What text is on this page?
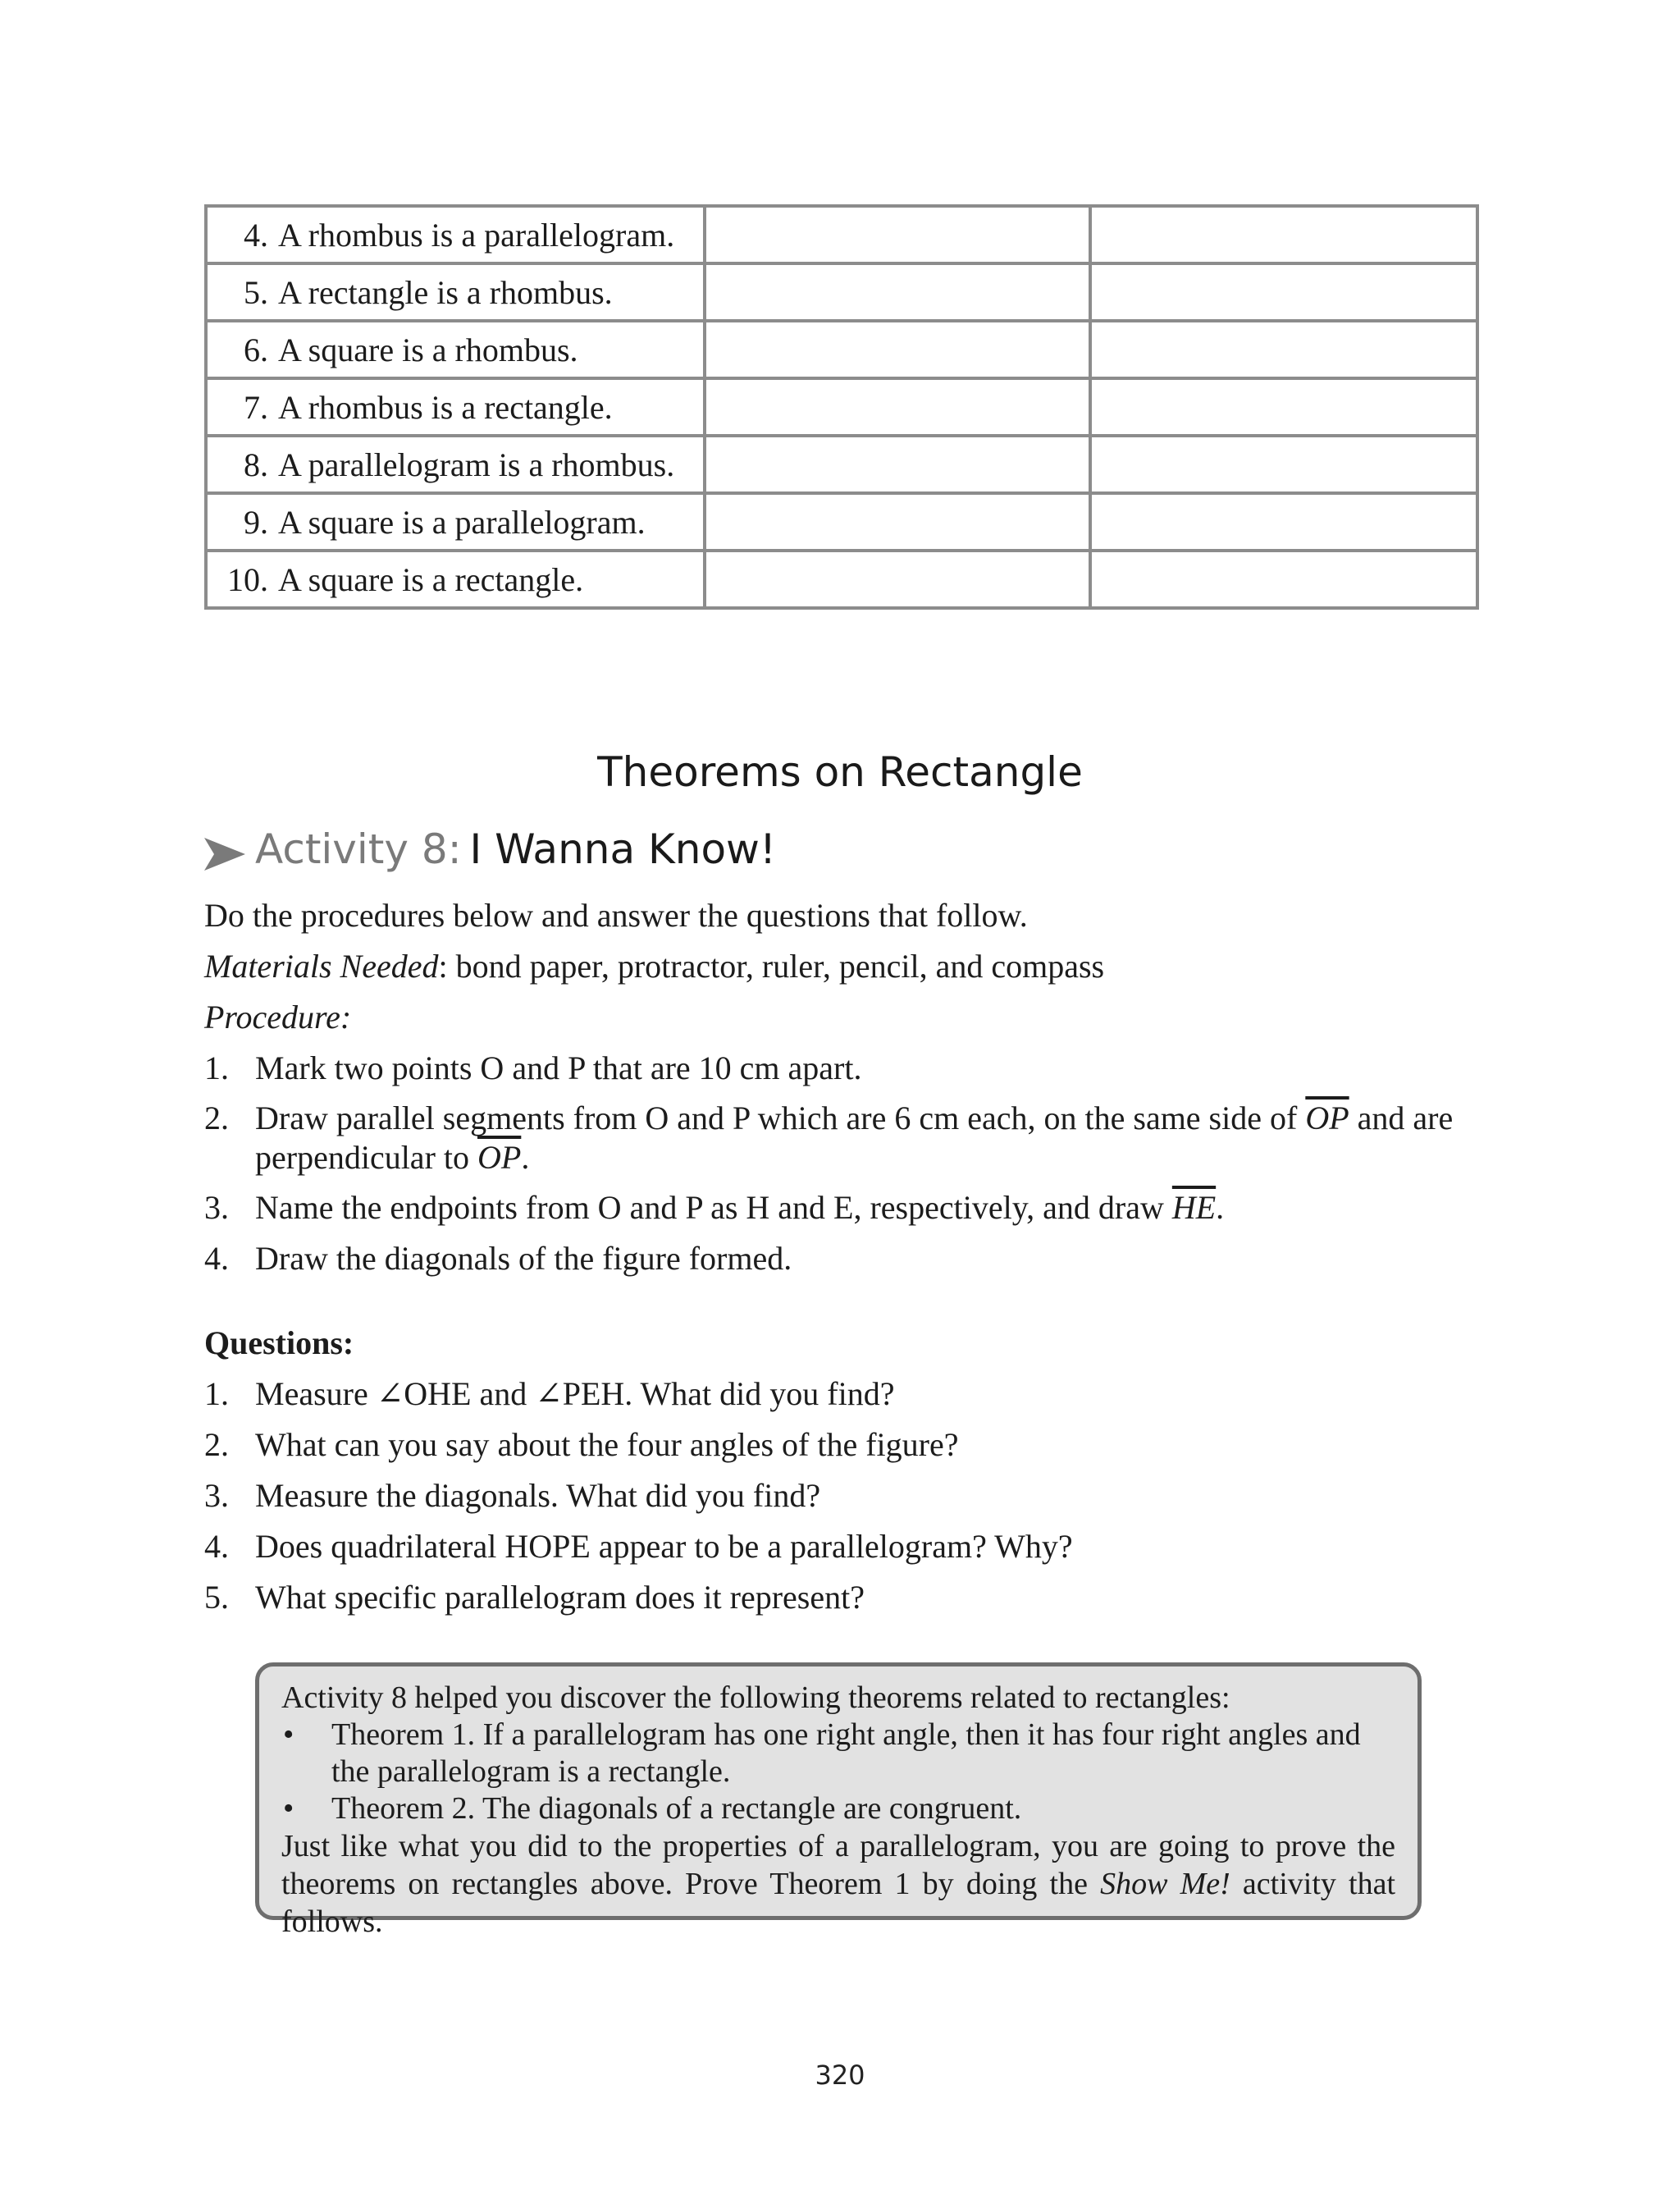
4. A rhombus is a parallelogram.		

5. A rectangle is a rhombus.		

6. A square is a rhombus.		

7. A rhombus is a rectangle.		

8. A parallelogram is a rhombus.		

9. A square is a parallelogram.		

10. A square is a rectangle.		

Theorems on Rectangle
Activity 8: I Wanna Know!
Do the procedures below and answer the questions that follow.
Materials Needed: bond paper, protractor, ruler, pencil, and compass
Procedure:
1. Mark two points O and P that are 10 cm apart.
2. Draw parallel segments from O and P which are 6 cm each, on the same side of $\overline{OP}$ and are perpendicular to $\overline{OP}$.
3. Name the endpoints from O and P as H and E, respectively, and draw $\overline{HE}$.
4. Draw the diagonals of the figure formed.
Questions:
1. Measure ∠OHE and ∠PEH. What did you find?
2. What can you say about the four angles of the figure?
3. Measure the diagonals. What did you find?
4. Does quadrilateral HOPE appear to be a parallelogram? Why?
5. What specific parallelogram does it represent?
Activity 8 helped you discover the following theorems related to rectangles:
• Theorem 1. If a parallelogram has one right angle, then it has four right angles and the parallelogram is a rectangle.
• Theorem 2. The diagonals of a rectangle are congruent.
Just like what you did to the properties of a parallelogram, you are going to prove the
theorems on rectangles above. Prove Theorem 1 by doing the Show Me! activity that follows.
320
